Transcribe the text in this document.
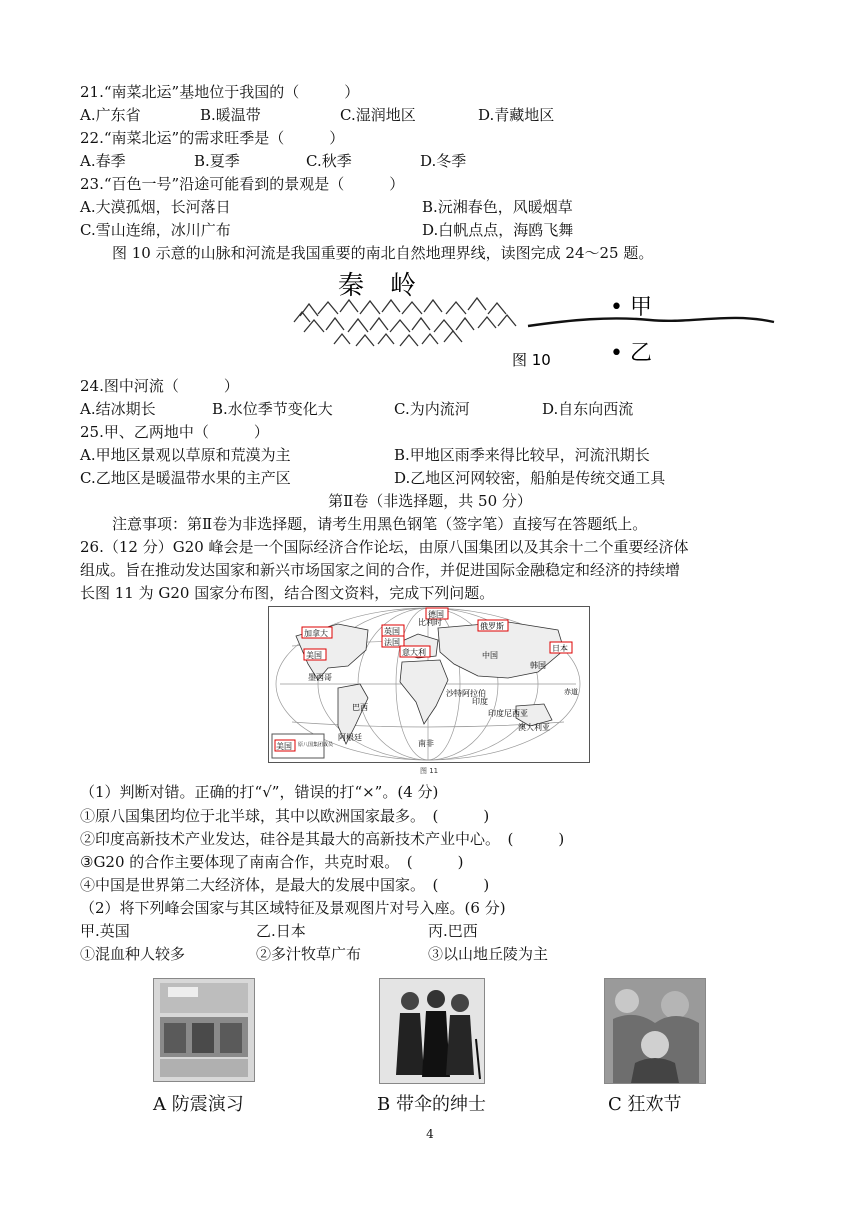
21.“南菜北运”基地位于我国的（　　　）
A.广东省	B.暖温带	C.湿润地区	D.青藏地区
22.“南菜北运”的需求旺季是（　　　）
A.春季	B.夏季	C.秋季	D.冬季
23.“百色一号”沿途可能看到的景观是（　　　）
A.大漠孤烟，长河落日	B.沅湘春色，风暖烟草
C.雪山连绵，冰川广布	D.白帆点点，海鸥飞舞
图 10 示意的山脉和河流是我国重要的南北自然地理界线，读图完成 24～25 题。
秦　岭
• 甲
• 乙
图 10
24.图中河流（　　　）
A.结冰期长	B.水位季节变化大	C.为内流河	D.自东向西流
25.甲、乙两地中（　　　）
A.甲地区景观以草原和荒漠为主	B.甲地区雨季来得比较早，河流汛期长
C.乙地区是暖温带水果的主产区	D.乙地区河网较密，船舶是传统交通工具
第Ⅱ卷（非选择题，共 50 分）
注意事项：第Ⅱ卷为非选择题，请考生用黑色钢笔（签字笔）直接写在答题纸上。
26.（12 分）G20 峰会是一个国际经济合作论坛，由原八国集团以及其余十二个重要经济体
组成。旨在推动发达国家和新兴市场国家之间的合作，并促进国际金融稳定和经济的持续增
长图 11 为 G20 国家分布图，结合图文资料，完成下列问题。
加拿大
美国
英国
法国
德国
意大利
俄罗斯
日本
比利时
中国
韩国
墨西哥
沙特阿拉伯
印度
印度尼西亚
巴西
澳大利亚
阿根廷
南非
赤道
美国 原八国集团成员
图 11
（1）判断对错。正确的打“√”，错误的打“×”。(4 分)
①原八国集团均位于北半球，其中以欧洲国家最多。　(　　　)
②印度高新技术产业发达，硅谷是其最大的高新技术产业中心。　(　　　)
③G20 的合作主要体现了南南合作，共克时艰。　(　　　)
④中国是世界第二大经济体，是最大的发展中国家。　(　　　)
（2）将下列峰会国家与其区域特征及景观图片对号入座。(6 分)
甲.英国	乙.日本	丙.巴西
①混血种人较多	②多汁牧草广布	③以山地丘陵为主
A 防震演习	B 带伞的绅士	C 狂欢节
4
